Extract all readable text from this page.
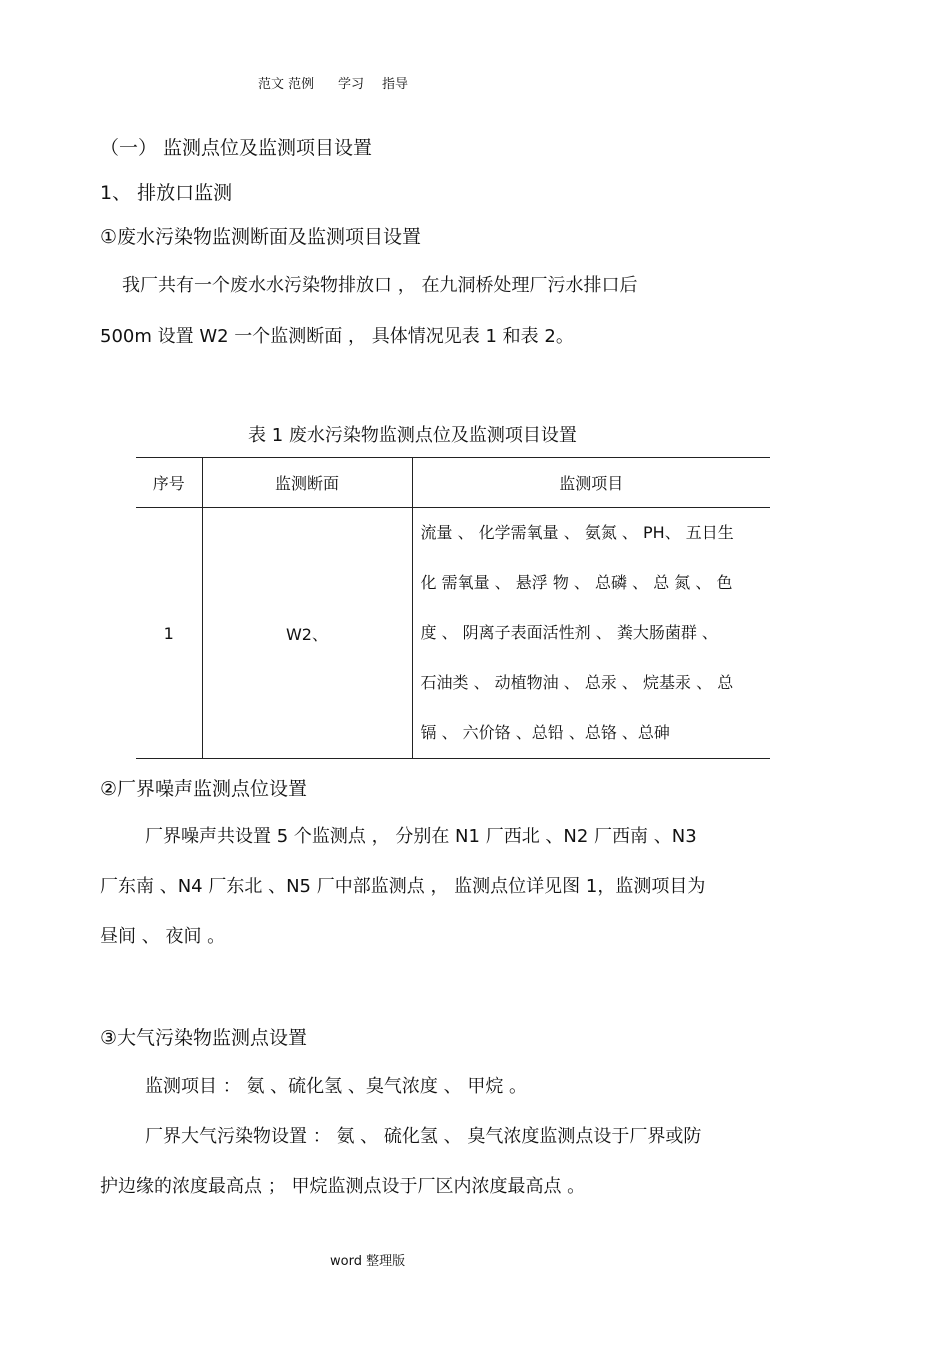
范文 范例 学习 指导
（一） 监测点位及监测项目设置
1、 排放口监测
①废水污染物监测断面及监测项目设置
我厂共有一个废水水污染物排放口 ， 在九洞桥处理厂污水排口后
500m 设置 W2 一个监测断面 ， 具体情况见表 1 和表 2。
表 1 废水污染物监测点位及监测项目设置
序号	监测断面	监测项目
1	W2、	流量 、 化学需氧量 、 氨氮 、 PH、 五日生
化 需氧量 、 悬浮 物 、 总磷 、 总 氮 、 色
度 、 阴离子表面活性剂 、 粪大肠菌群 、
石油类 、 动植物油 、 总汞 、 烷基汞 、 总
镉 、 六价铬 、总铅 、总铬 、总砷
②厂界噪声监测点位设置
厂界噪声共设置 5 个监测点 ， 分别在 N1 厂西北 、N2 厂西南 、N3
厂东南 、N4 厂东北 、N5 厂中部监测点 ， 监测点位详见图 1，监测项目为
昼间 、 夜间 。
③大气污染物监测点设置
监测项目 ： 氨 、硫化氢 、臭气浓度 、 甲烷 。
厂界大气污染物设置 ： 氨 、 硫化氢 、 臭气浓度监测点设于厂界或防
护边缘的浓度最高点 ； 甲烷监测点设于厂区内浓度最高点 。
word 整理版
